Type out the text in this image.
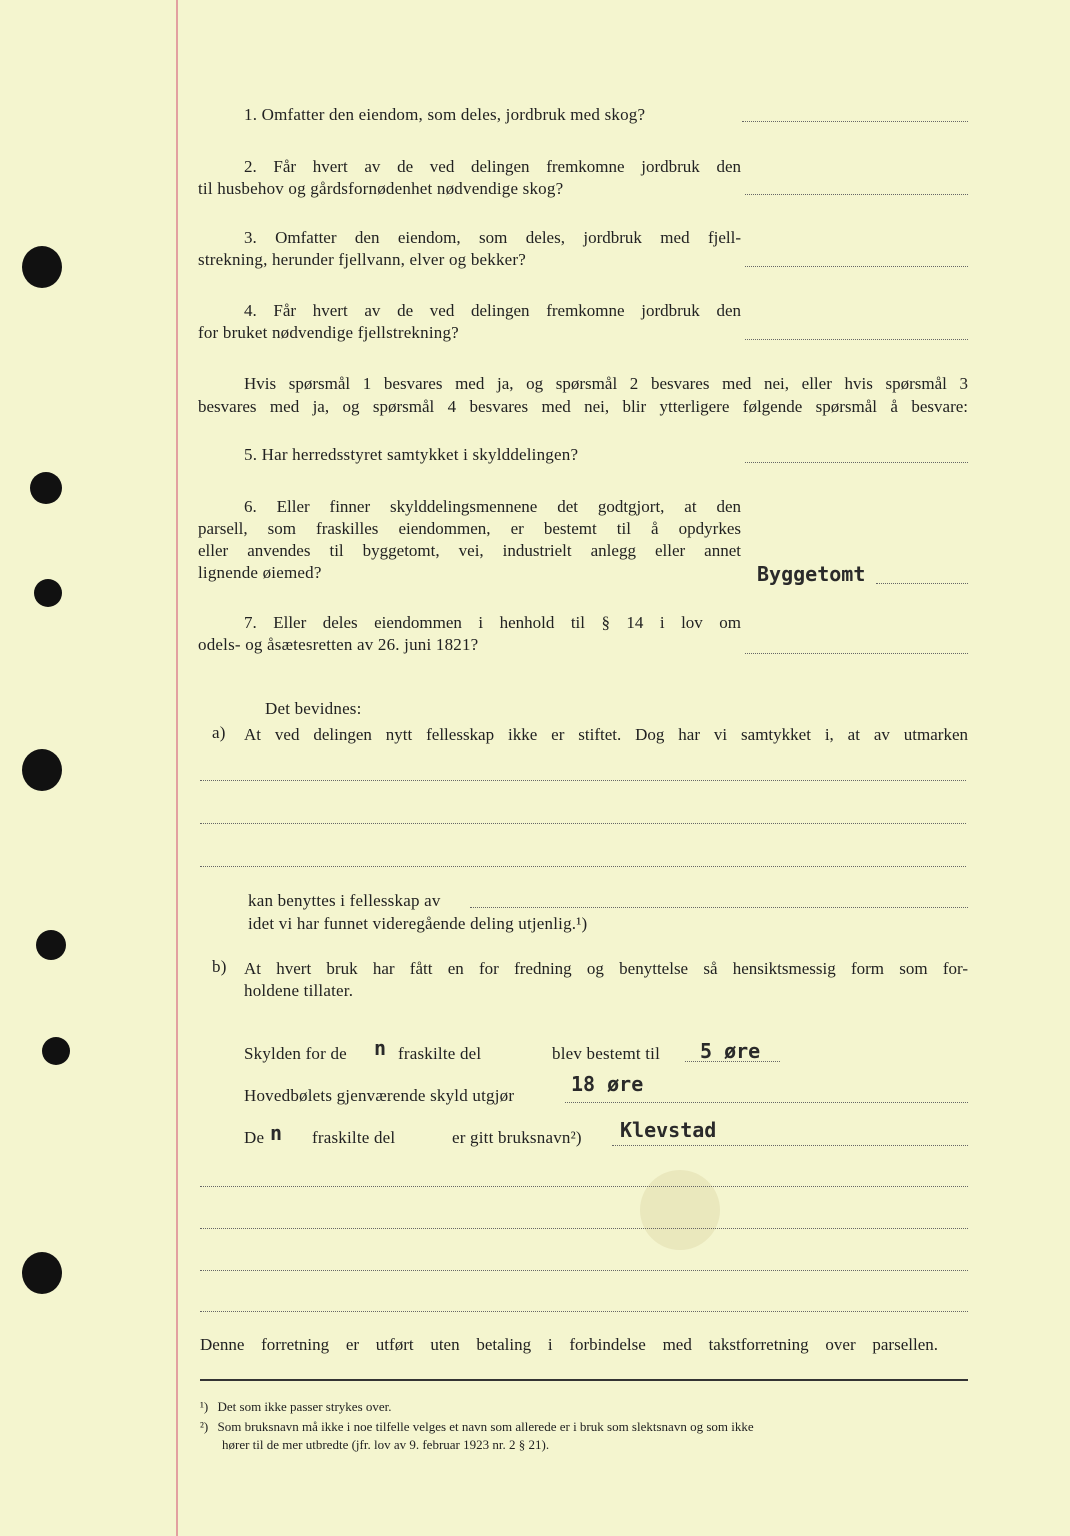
1. Omfatter den eiendom, som deles, jordbruk med skog?
2. Får hvert av de ved delingen fremkomne jordbruk den
til husbehov og gårdsfornødenhet nødvendige skog?
3. Omfatter den eiendom, som deles, jordbruk med fjell-
strekning, herunder fjellvann, elver og bekker?
4. Får hvert av de ved delingen fremkomne jordbruk den
for bruket nødvendige fjellstrekning?
Hvis spørsmål 1 besvares med ja, og spørsmål 2 besvares med nei, eller hvis spørsmål 3
besvares med ja, og spørsmål 4 besvares med nei, blir ytterligere følgende spørsmål å besvare:
5. Har herredsstyret samtykket i skylddelingen?
6. Eller finner skylddelingsmennene det godtgjort, at den
parsell, som fraskilles eiendommen, er bestemt til å opdyrkes
eller anvendes til byggetomt, vei, industrielt anlegg eller annet
lignende øiemed?	Byggetomt
7. Eller deles eiendommen i henhold til § 14 i lov om
odels- og åsætesretten av 26. juni 1821?
Det bevidnes:
a) At ved delingen nytt fellesskap ikke er stiftet. Dog har vi samtykket i, at av utmarken
kan benyttes i fellesskap av
idet vi har funnet videregående deling utjenlig.¹)
b) At hvert bruk har fått en for fredning og benyttelse så hensiktsmessig form som for-
holdene tillater.
Skylden for de n fraskilte del	blev bestemt til 5 øre
Hovedbølets gjenværende skyld utgjør	18 øre
De n fraskilte del	er gitt bruksnavn²) Klevstad
Denne forretning er utført uten betaling i forbindelse med takstforretning over parsellen.
¹) Det som ikke passer strykes over.
²) Som bruksnavn må ikke i noe tilfelle velges et navn som allerede er i bruk som slektsnavn og som ikke
hører til de mer utbredte (jfr. lov av 9. februar 1923 nr. 2 § 21).
